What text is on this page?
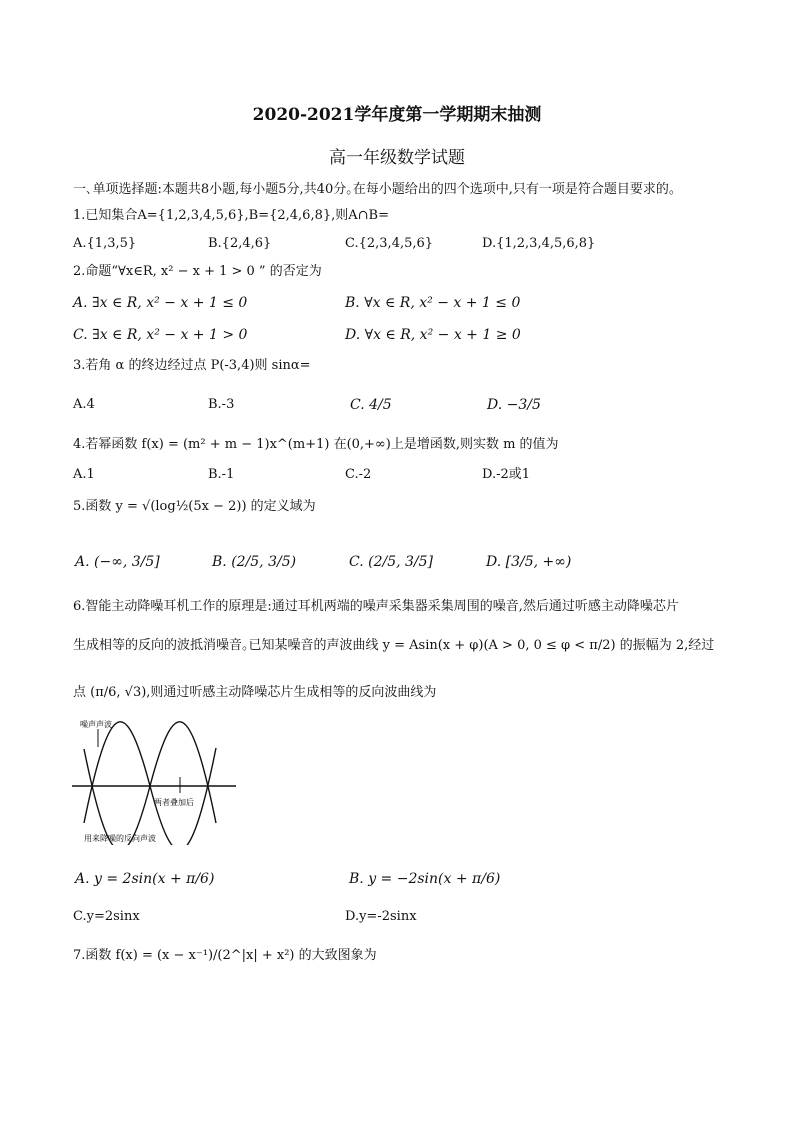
2020-2021学年度第一学期期末抽测
高一年级数学试题
一､单项选择题:本题共8小题,每小题5分,共40分｡在每小题给出的四个选项中,只有一项是符合题目要求的｡
1.已知集合A={1,2,3,4,5,6},B={2,4,6,8},则A∩B=
A.{1,3,5}	B.{2,4,6}	C.{2,3,4,5,6}	D.{1,2,3,4,5,6,8}
2.命题“∀x∈R, x² − x + 1 > 0 ” 的否定为
A. ∃x ∈ R, x² − x + 1 ≤ 0	B. ∀x ∈ R, x² − x + 1 ≤ 0
C. ∃x ∈ R, x² − x + 1 > 0	D. ∀x ∈ R, x² − x + 1 ≥ 0
3.若角 α 的终边经过点 P(-3,4)则 sinα=
A.4	B.-3	C. 4/5	D. −3/5
4.若幂函数 f(x) = (m² + m − 1)x^(m+1) 在(0,+∞)上是增函数,则实数 m 的值为
A.1	B.-1	C.-2	D.-2或1
5.函数 y = √(log½(5x − 2)) 的定义域为
A. (−∞, 3/5]	B. (2/5, 3/5)	C. (2/5, 3/5]	D. [3/5, +∞)
6.智能主动降噪耳机工作的原理是:通过耳机两端的噪声采集器采集周围的噪音,然后通过听感主动降噪芯片
生成相等的反向的波抵消噪音｡已知某噪音的声波曲线 y = Asin(x + φ)(A > 0, 0 ≤ φ < π/2) 的振幅为 2,经过
点 (π/6, √3),则通过听感主动降噪芯片生成相等的反向波曲线为
噪声声波
两者叠加后
用来降噪的反向声波
A. y = 2sin(x + π/6)	B. y = −2sin(x + π/6)
C.y=2sinx	D.y=-2sinx
7.函数 f(x) = (x − x⁻¹)/(2^|x| + x²) 的大致图象为
